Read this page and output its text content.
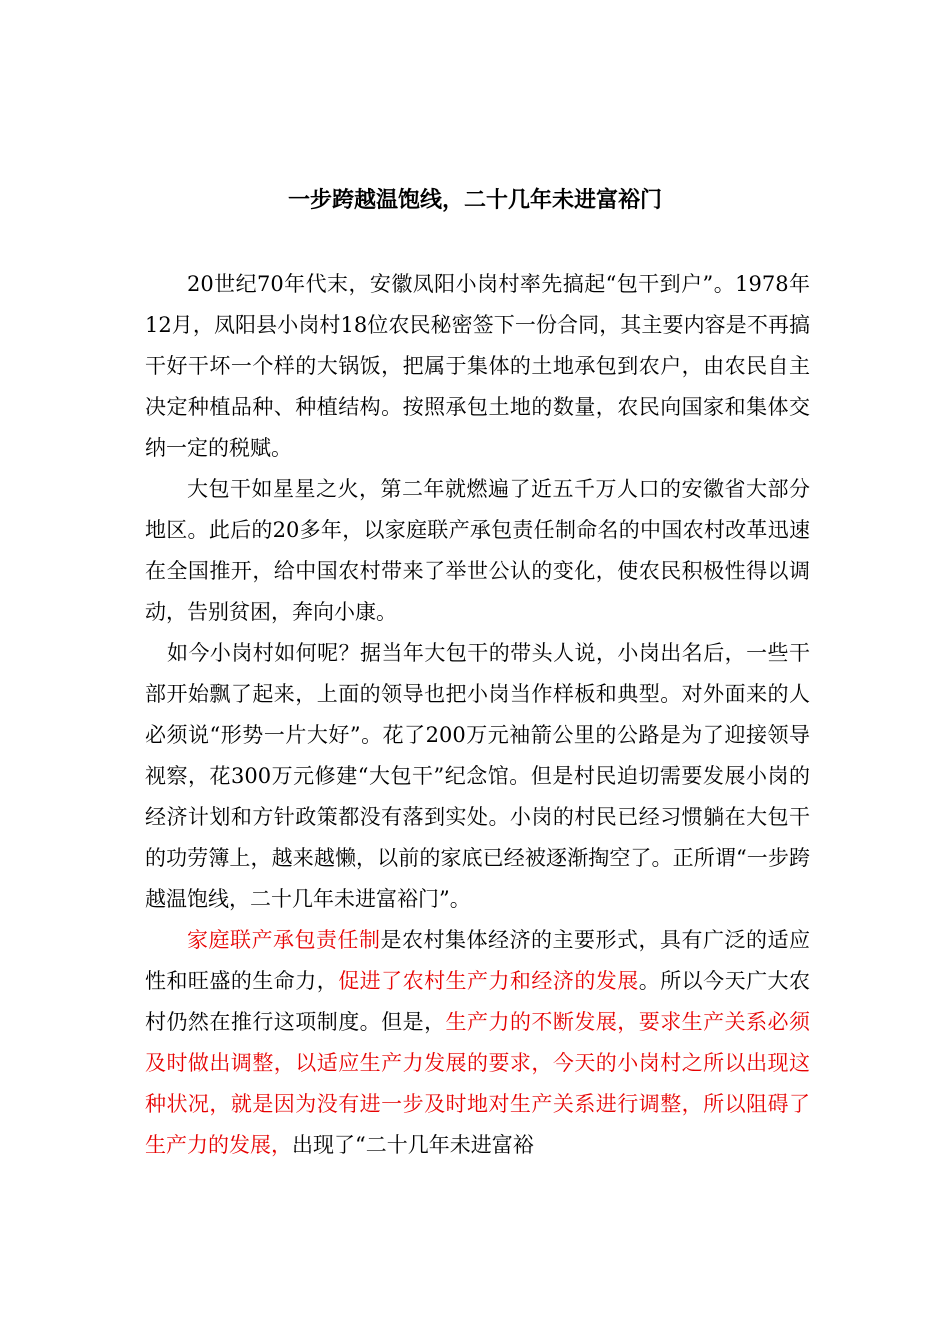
一步跨越温饱线，二十几年未进富裕门

20世纪70年代末，安徽凤阳小岗村率先搞起“包干到户”。1978年12月，凤阳县小岗村18位农民秘密签下一份合同，其主要内容是不再搞干好干坏一个样的大锅饭，把属于集体的土地承包到农户，由农民自主决定种植品种、种植结构。按照承包土地的数量，农民向国家和集体交纳一定的税赋。

大包干如星星之火，第二年就燃遍了近五千万人口的安徽省大部分地区。此后的20多年，以家庭联产承包责任制命名的中国农村改革迅速在全国推开，给中国农村带来了举世公认的变化，使农民积极性得以调动，告别贫困，奔向小康。

如今小岗村如何呢？据当年大包干的带头人说，小岗出名后，一些干部开始飘了起来，上面的领导也把小岗当作样板和典型。对外面来的人必须说“形势一片大好”。花了200万元袖箭公里的公路是为了迎接领导视察，花300万元修建“大包干”纪念馆。但是村民迫切需要发展小岗的经济计划和方针政策都没有落到实处。小岗的村民已经习惯躺在大包干的功劳簿上，越来越懒，以前的家底已经被逐渐掏空了。正所谓“一步跨越温饱线，二十几年未进富裕门”。

家庭联产承包责任制是农村集体经济的主要形式，具有广泛的适应性和旺盛的生命力，促进了农村生产力和经济的发展。所以今天广大农村仍然在推行这项制度。但是，生产力的不断发展，要求生产关系必须及时做出调整，以适应生产力发展的要求，今天的小岗村之所以出现这种状况，就是因为没有进一步及时地对生产关系进行调整，所以阻碍了生产力的发展，出现了“二十几年未进富裕
